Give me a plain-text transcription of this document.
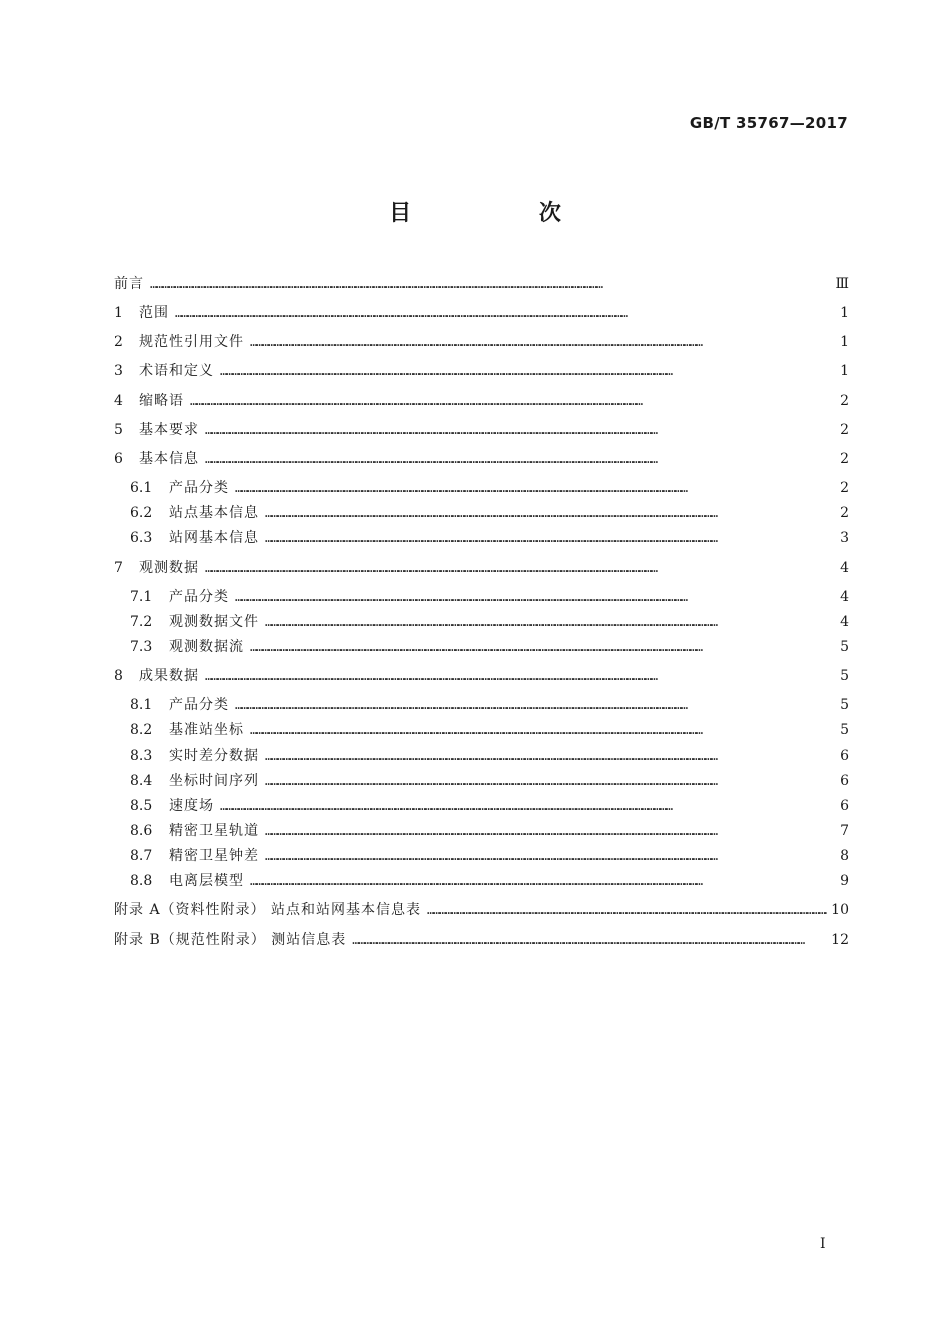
GB/T 35767—2017
目 次
前言 ………………………………………………………………………………………………………………………………………………………………………………………………………	Ⅲ
1	范围 ………………………………………………………………………………………………………………………………………………………………………………………………………	1
2	规范性引用文件 ………………………………………………………………………………………………………………………………………………………………………………………………………	1
3	术语和定义 ………………………………………………………………………………………………………………………………………………………………………………………………………	1
4	缩略语 ………………………………………………………………………………………………………………………………………………………………………………………………………	2
5	基本要求 ………………………………………………………………………………………………………………………………………………………………………………………………………	2
6	基本信息 ………………………………………………………………………………………………………………………………………………………………………………………………………	2
6.1	产品分类 ………………………………………………………………………………………………………………………………………………………………………………………………………	2
6.2	站点基本信息 ………………………………………………………………………………………………………………………………………………………………………………………………………	2
6.3	站网基本信息 ………………………………………………………………………………………………………………………………………………………………………………………………………	3
7	观测数据 ………………………………………………………………………………………………………………………………………………………………………………………………………	4
7.1	产品分类 ………………………………………………………………………………………………………………………………………………………………………………………………………	4
7.2	观测数据文件 ………………………………………………………………………………………………………………………………………………………………………………………………………	4
7.3	观测数据流 ………………………………………………………………………………………………………………………………………………………………………………………………………	5
8	成果数据 ………………………………………………………………………………………………………………………………………………………………………………………………………	5
8.1	产品分类 ………………………………………………………………………………………………………………………………………………………………………………………………………	5
8.2	基准站坐标 ………………………………………………………………………………………………………………………………………………………………………………………………………	5
8.3	实时差分数据 ………………………………………………………………………………………………………………………………………………………………………………………………………	6
8.4	坐标时间序列 ………………………………………………………………………………………………………………………………………………………………………………………………………	6
8.5	速度场 ………………………………………………………………………………………………………………………………………………………………………………………………………	6
8.6	精密卫星轨道 ………………………………………………………………………………………………………………………………………………………………………………………………………	7
8.7	精密卫星钟差 ………………………………………………………………………………………………………………………………………………………………………………………………………	8
8.8	电离层模型 ………………………………………………………………………………………………………………………………………………………………………………………………………	9
附录 A（资料性附录） 站点和站网基本信息表 ………………………………………………………………………………………………………………………………………………………………………………………………………	10
附录 B（规范性附录） 测站信息表 ………………………………………………………………………………………………………………………………………………………………………………………………………	12
I
